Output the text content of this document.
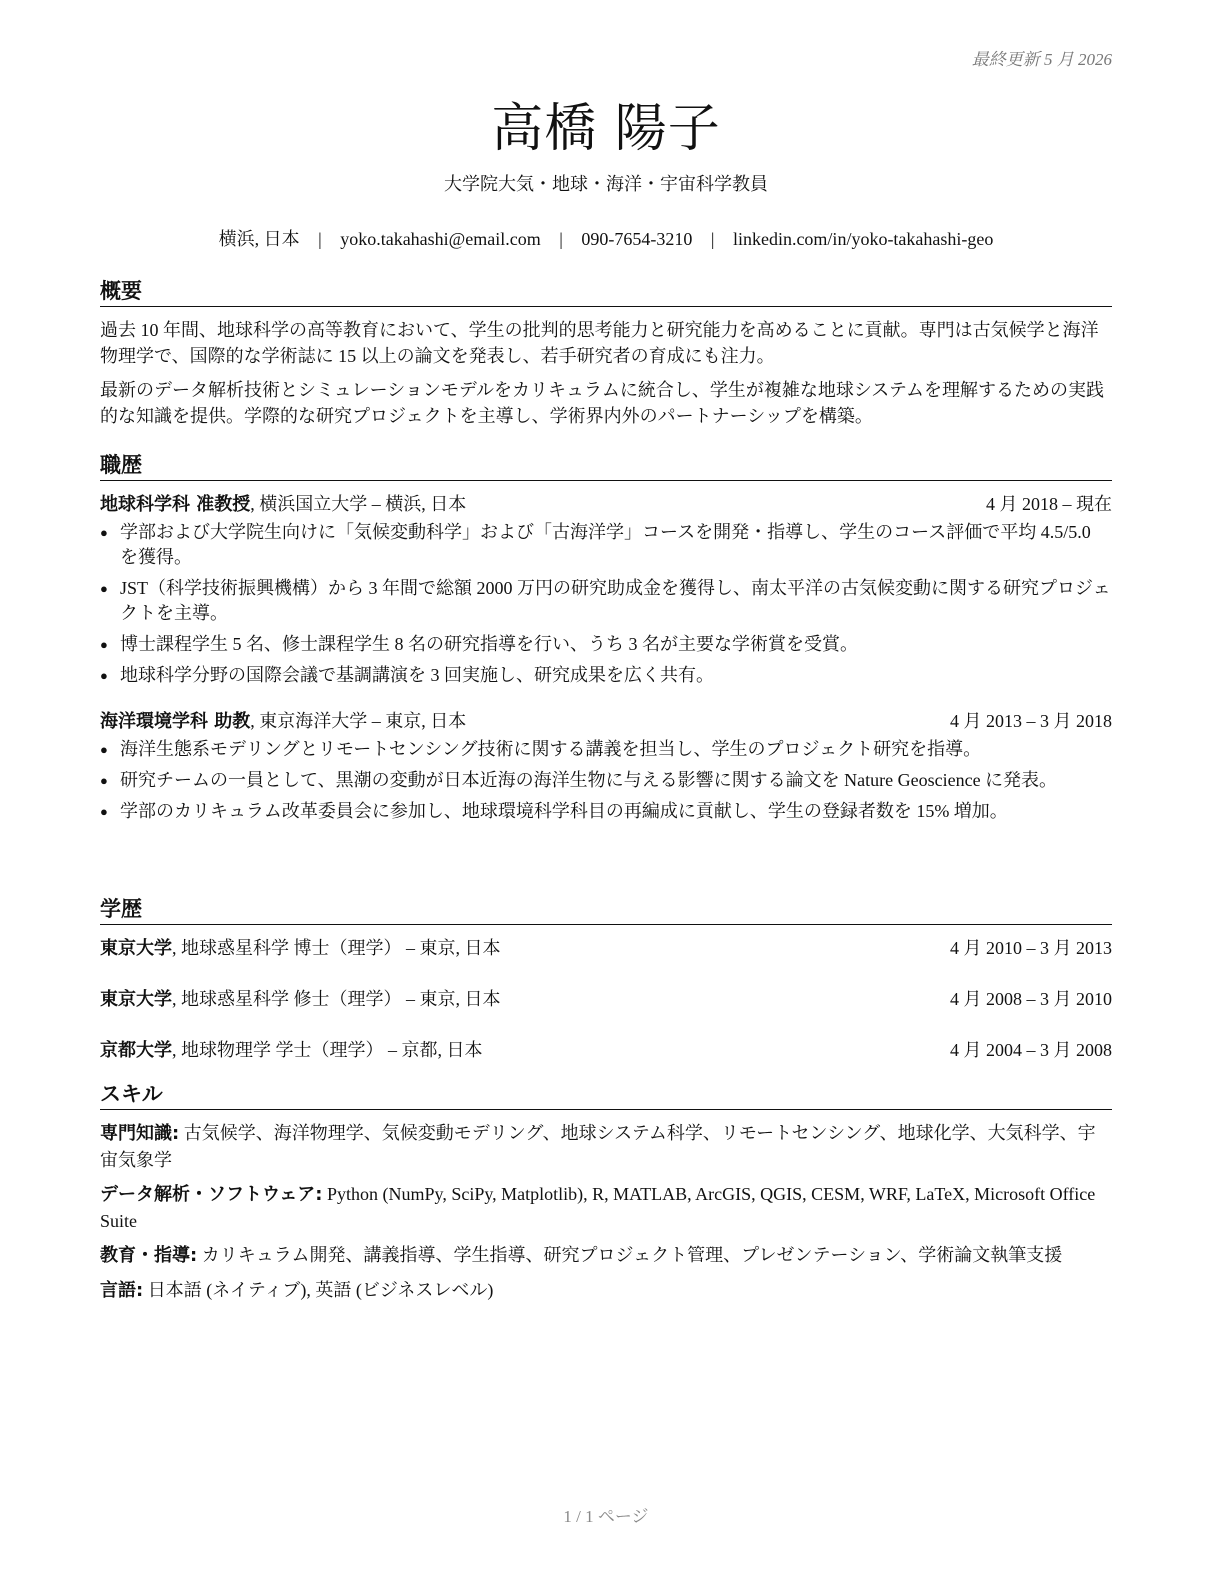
最終更新 5 月 2026
高橋 陽子
大学院大気・地球・海洋・宇宙科学教員
横浜, 日本 | yoko.takahashi@email.com | 090-7654-3210 | linkedin.com/in/yoko-takahashi-geo
概要

過去 10 年間、地球科学の高等教育において、学生の批判的思考能力と研究能力を高めることに貢献。専門は古気候学と海洋物理学で、国際的な学術誌に 15 以上の論文を発表し、若手研究者の育成にも注力。

最新のデータ解析技術とシミュレーションモデルをカリキュラムに統合し、学生が複雑な地球システムを理解するための実践的な知識を提供。学際的な研究プロジェクトを主導し、学術界内外のパートナーシップを構築。

職歴
地球科学科 准教授, 横浜国立大学 – 横浜, 日本	4 月 2018 – 現在
● 学部および大学院生向けに「気候変動科学」および「古海洋学」コースを開発・指導し、学生のコース評価で平均 4.5/5.0 を獲得。
● JST（科学技術振興機構）から 3 年間で総額 2000 万円の研究助成金を獲得し、南太平洋の古気候変動に関する研究プロジェクトを主導。
● 博士課程学生 5 名、修士課程学生 8 名の研究指導を行い、うち 3 名が主要な学術賞を受賞。
● 地球科学分野の国際会議で基調講演を 3 回実施し、研究成果を広く共有。
海洋環境学科 助教, 東京海洋大学 – 東京, 日本	4 月 2013 – 3 月 2018
● 海洋生態系モデリングとリモートセンシング技術に関する講義を担当し、学生のプロジェクト研究を指導。
● 研究チームの一員として、黒潮の変動が日本近海の海洋生物に与える影響に関する論文を Nature Geoscience に発表。
● 学部のカリキュラム改革委員会に参加し、地球環境科学科目の再編成に貢献し、学生の登録者数を 15% 増加。
学歴
東京大学, 地球惑星科学 博士（理学） – 東京, 日本	4 月 2010 – 3 月 2013
東京大学, 地球惑星科学 修士（理学） – 東京, 日本	4 月 2008 – 3 月 2010
京都大学, 地球物理学 学士（理学） – 京都, 日本	4 月 2004 – 3 月 2008
スキル
専門知識: 古気候学、海洋物理学、気候変動モデリング、地球システム科学、リモートセンシング、地球化学、大気科学、宇宙気象学
データ解析・ソフトウェア: Python (NumPy, SciPy, Matplotlib), R, MATLAB, ArcGIS, QGIS, CESM, WRF, LaTeX, Microsoft Office Suite
教育・指導: カリキュラム開発、講義指導、学生指導、研究プロジェクト管理、プレゼンテーション、学術論文執筆支援
言語: 日本語 (ネイティブ), 英語 (ビジネスレベル)
1 / 1 ページ
